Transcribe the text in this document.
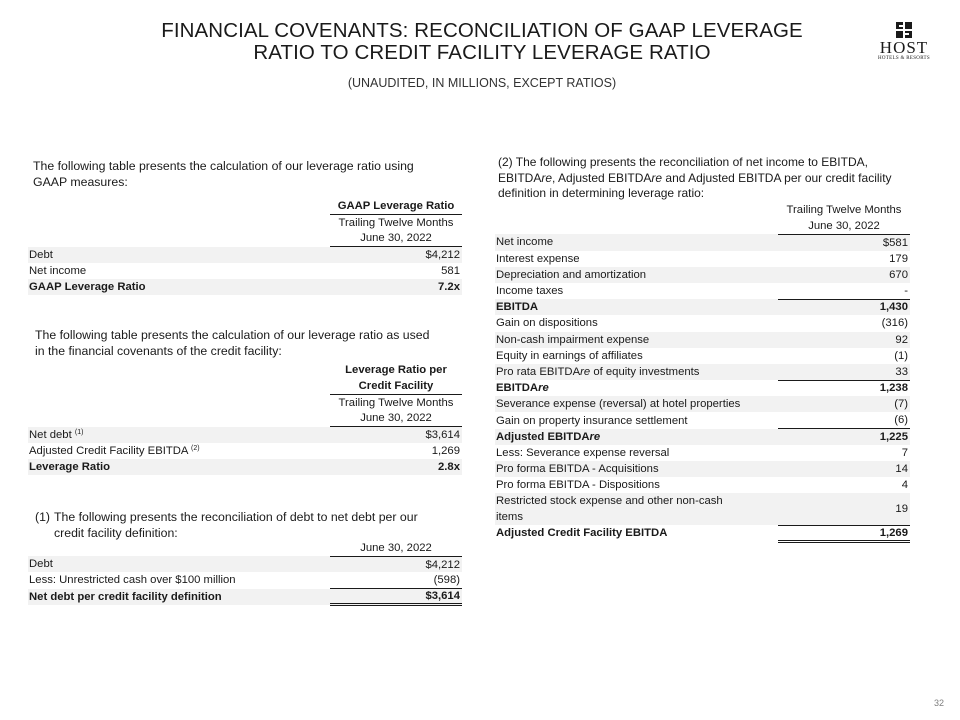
FINANCIAL COVENANTS: RECONCILIATION OF GAAP LEVERAGE
RATIO TO CREDIT FACILITY LEVERAGE RATIO
(UNAUDITED, IN MILLIONS, EXCEPT RATIOS)
HOST
HOTELS & RESORTS
The following table presents the calculation of our leverage ratio using
GAAP measures:
		GAAP Leverage Ratio
		Trailing Twelve Months
		June 30, 2022
Debt		$4,212
Net income		581
GAAP Leverage Ratio		7.2x
The following table presents the calculation of our leverage ratio as used
in the financial covenants of the credit facility:
		Leverage Ratio per
		Credit Facility
		Trailing Twelve Months
		June 30, 2022
Net debt $^{(1)}$		$3,614
Adjusted Credit Facility EBITDA $^{(2)}$		1,269
Leverage Ratio		2.8x
(1) The following presents the reconciliation of debt to net debt per our
credit facility definition:
		June 30, 2022
Debt		$4,212
Less: Unrestricted cash over $100 million		(598)
Net debt per credit facility definition		$3,614
(2) The following presents the reconciliation of net income to EBITDA,
EBITDAre, Adjusted EBITDAre and Adjusted EBITDA per our credit facility
definition in determining leverage ratio:
		Trailing Twelve Months
		June 30, 2022
Net income		$581
Interest expense		179
Depreciation and amortization		670
Income taxes		-
EBITDA		1,430
Gain on dispositions		(316)
Non-cash impairment expense		92
Equity in earnings of affiliates		(1)
Pro rata EBITDAre of equity investments		33
EBITDAre		1,238
Severance expense (reversal) at hotel properties		(7)
Gain on property insurance settlement		(6)
Adjusted EBITDAre		1,225
Less: Severance expense reversal		7
Pro forma EBITDA - Acquisitions		14
Pro forma EBITDA - Dispositions		4

Restricted stock expense and other non-cash
items		19
Adjusted Credit Facility EBITDA		1,269
32
